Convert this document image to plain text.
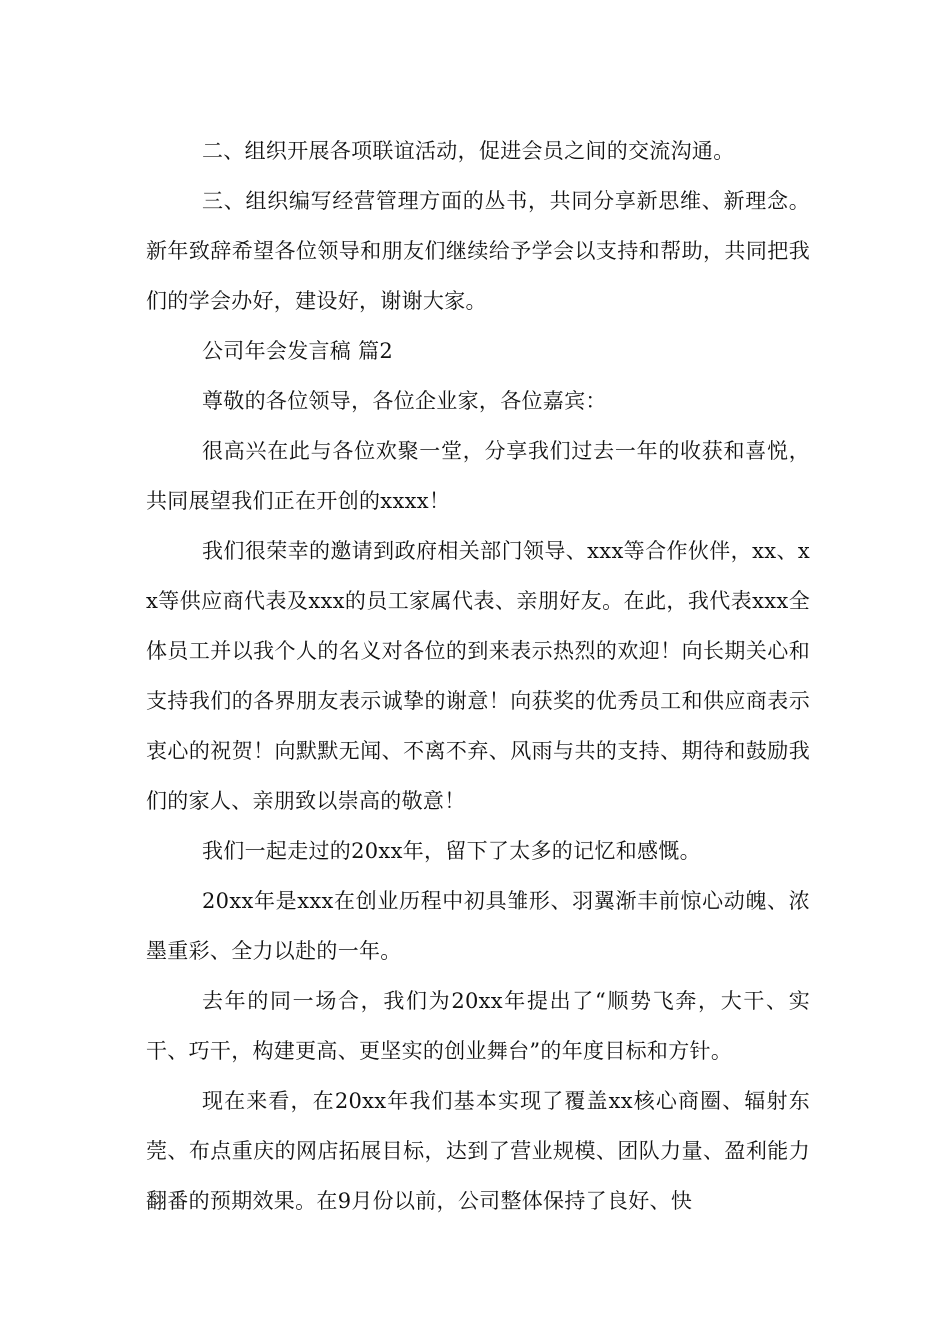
二、组织开展各项联谊活动，促进会员之间的交流沟通。

三、组织编写经营管理方面的丛书，共同分享新思维、新理念。新年致辞希望各位领导和朋友们继续给予学会以支持和帮助，共同把我们的学会办好，建设好，谢谢大家。

公司年会发言稿 篇2

尊敬的各位领导，各位企业家，各位嘉宾：

很高兴在此与各位欢聚一堂，分享我们过去一年的收获和喜悦，共同展望我们正在开创的xxxx！

我们很荣幸的邀请到政府相关部门领导、xxx等合作伙伴，xx、xx等供应商代表及xxx的员工家属代表、亲朋好友。在此，我代表xxx全体员工并以我个人的名义对各位的到来表示热烈的欢迎！向长期关心和支持我们的各界朋友表示诚挚的谢意！向获奖的优秀员工和供应商表示衷心的祝贺！向默默无闻、不离不弃、风雨与共的支持、期待和鼓励我们的家人、亲朋致以崇高的敬意！

我们一起走过的20xx年，留下了太多的记忆和感慨。

20xx年是xxx在创业历程中初具雏形、羽翼渐丰前惊心动魄、浓墨重彩、全力以赴的一年。

去年的同一场合，我们为20xx年提出了“顺势飞奔，大干、实干、巧干，构建更高、更坚实的创业舞台”的年度目标和方针。

现在来看，在20xx年我们基本实现了覆盖xx核心商圈、辐射东莞、布点重庆的网店拓展目标，达到了营业规模、团队力量、盈利能力翻番的预期效果。在9月份以前，公司整体保持了良好、快
